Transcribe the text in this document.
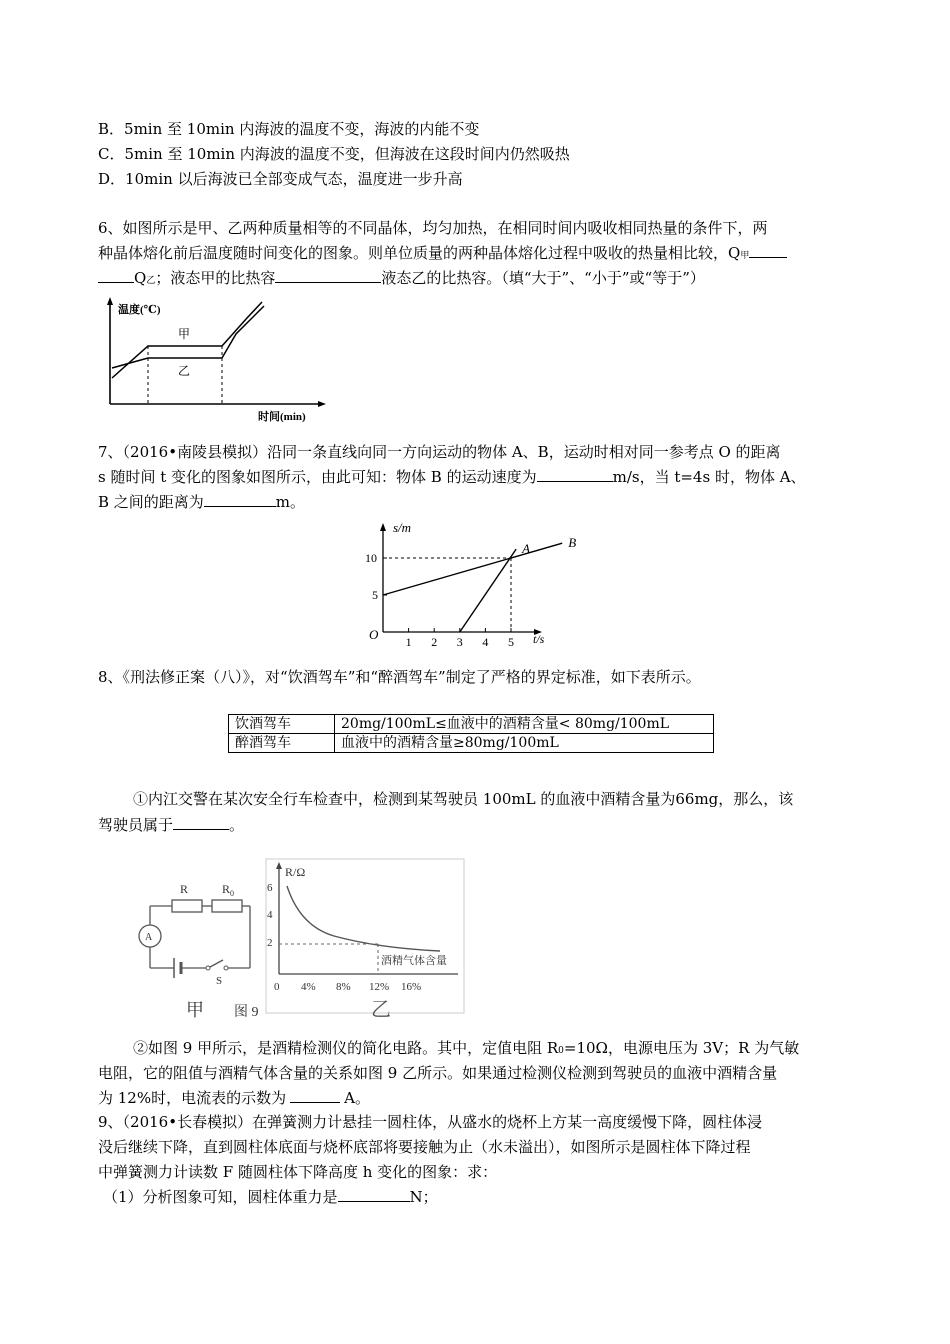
B．5min 至 10min 内海波的温度不变，海波的内能不变
C．5min 至 10min 内海波的温度不变，但海波在这段时间内仍然吸热
D．10min 以后海波已全部变成气态，温度进一步升高
6、如图所示是甲、乙两种质量相等的不同晶体，均匀加热，在相同时间内吸收相同热量的条件下，两
种晶体熔化前后温度随时间变化的图象。则单位质量的两种晶体熔化过程中吸收的热量相比较，Q甲
Q乙；液态甲的比热容	液态乙的比热容。（填“大于”、“小于”或“等于”）
温度(℃)
时间(min)
甲
乙
7、（2016•南陵县模拟）沿同一条直线向同一方向运动的物体 A、B，运动时相对同一参考点 O 的距离
s 随时间 t 变化的图象如图所示，由此可知：物体 B 的运动速度为	m/s，当 t=4s 时，物体 A、
B 之间的距离为	m。
s/m
t/s
O 1 2 3 4 5
5
10
A	B
8、《刑法修正案（八）》，对“饮酒驾车”和“醉酒驾车”制定了严格的界定标准，如下表所示。
饮酒驾车	20mg/100mL≤血液中的酒精含量< 80mg/100mL
醉酒驾车	血液中的酒精含量≥80mg/100mL
①内江交警在某次安全行车检查中，检测到某驾驶员 100mL 的血液中酒精含量为66mg，那么，该
驾驶员属于	。
R	$R_0$
A
S
甲 图 9
R/Ω
6
4
2
0 4% 8% 12% 16%
酒精气体含量
乙
②如图 9 甲所示，是酒精检测仪的简化电路。其中，定值电阻 R0=10Ω，电源电压为 3V；R 为气敏
电阻，它的阻值与酒精气体含量的关系如图 9 乙所示。如果通过检测仪检测到驾驶员的血液中酒精含量
为 12%时，电流表的示数为	A。
9、（2016•长春模拟）在弹簧测力计悬挂一圆柱体，从盛水的烧杯上方某一高度缓慢下降，圆柱体浸
没后继续下降，直到圆柱体底面与烧杯底部将要接触为止（水未溢出），如图所示是圆柱体下降过程
中弹簧测力计读数 F 随圆柱体下降高度 h 变化的图象：求：
（1）分析图象可知，圆柱体重力是	N；
